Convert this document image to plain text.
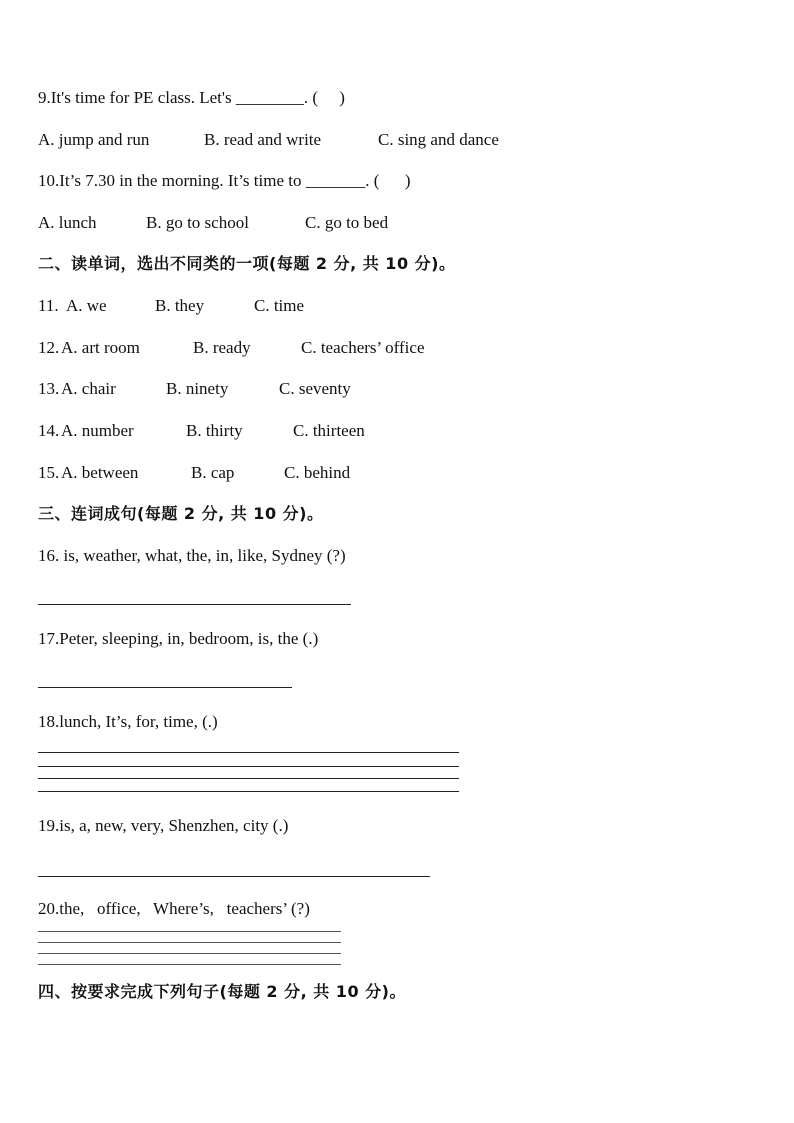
9.It's time for PE class. Let's ________. (     )
A. jump and run	B. read and write	C. sing and dance
10.It’s 7.30 in the morning. It’s time to _______. (      )
A. lunch	B. go to school	C. go to bed
二、读单词，选出不同类的一项(每题 2 分, 共 10 分)。
11. A. we	B. they	C. time
12. A. art room	B. ready	C. teachers’ office
13. A. chair	B. ninety	C. seventy
14. A. number	B. thirty	C. thirteen
15. A. between	B. cap	C. behind
三、连词成句(每题 2 分, 共 10 分)。
16. is, weather, what, the, in, like, Sydney (?)
17.Peter, sleeping, in, bedroom, is, the (.)
18.lunch, It’s, for, time, (.)
19.is, a, new, very, Shenzhen, city (.)
20.the,   office,   Where’s,   teachers’ (?)
四、按要求完成下列句子(每题 2 分, 共 10 分)。
